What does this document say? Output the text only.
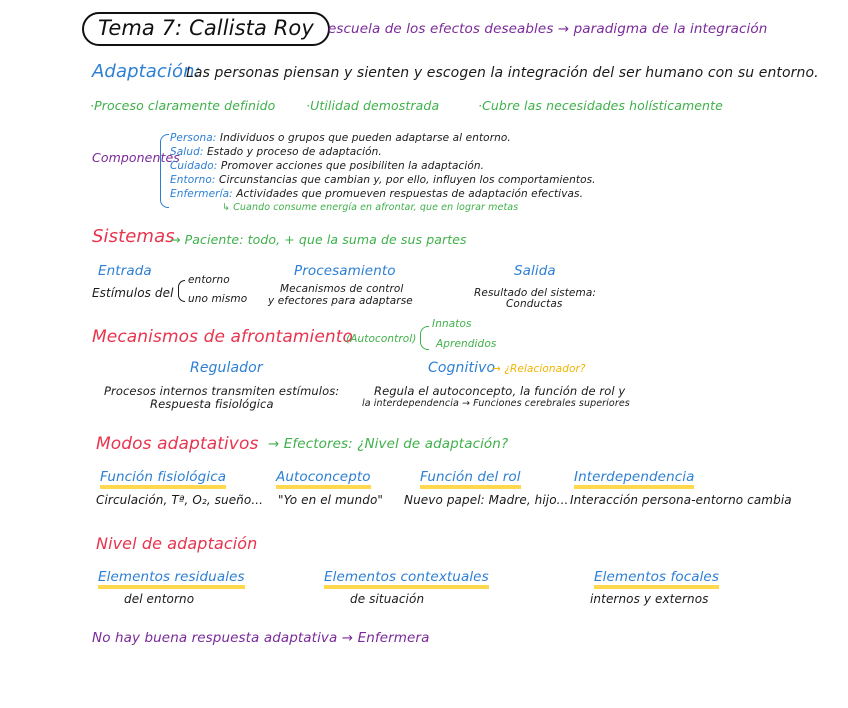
Tema 7: Callista Roy	escuela de los efectos deseables → paradigma de la integración
Adaptación:
Las personas piensan y sienten y escogen la integración del ser humano con su entorno.
·Proceso claramente definido ·Utilidad demostrada	·Cubre las necesidades holísticamente
Componentes
Persona: Individuos o grupos que pueden adaptarse al entorno.
Salud: Estado y proceso de adaptación.
Cuidado: Promover acciones que posibiliten la adaptación.
Entorno: Circunstancias que cambian y, por ello, influyen los comportamientos.
Enfermería: Actividades que promueven respuestas de adaptación efectivas.
↳ Cuando consume energía en afrontar, que en lograr metas
Sistemas
→ Paciente: todo, + que la suma de sus partes
Entrada
Estímulos del
entorno
uno mismo
Procesamiento
Mecanismos de control
y efectores para adaptarse
Salida
Resultado del sistema:
Conductas
Mecanismos de afrontamiento
(Autocontrol)
Innatos
Aprendidos
Regulador
Procesos internos transmiten estímulos:
Respuesta fisiológica
Cognitivo
→ ¿Relacionador?
Regula el autoconcepto, la función de rol y
la interdependencia → Funciones cerebrales superiores
Modos adaptativos → Efectores: ¿Nivel de adaptación?
Función fisiológica
Circulación, Tª, O₂, sueño...
Autoconcepto
"Yo en el mundo"
Función del rol
Nuevo papel: Madre, hijo...
Interdependencia
Interacción persona-entorno cambia
Nivel de adaptación
Elementos residuales
del entorno
Elementos contextuales
de situación
Elementos focales
internos y externos
No hay buena respuesta adaptativa → Enfermera
